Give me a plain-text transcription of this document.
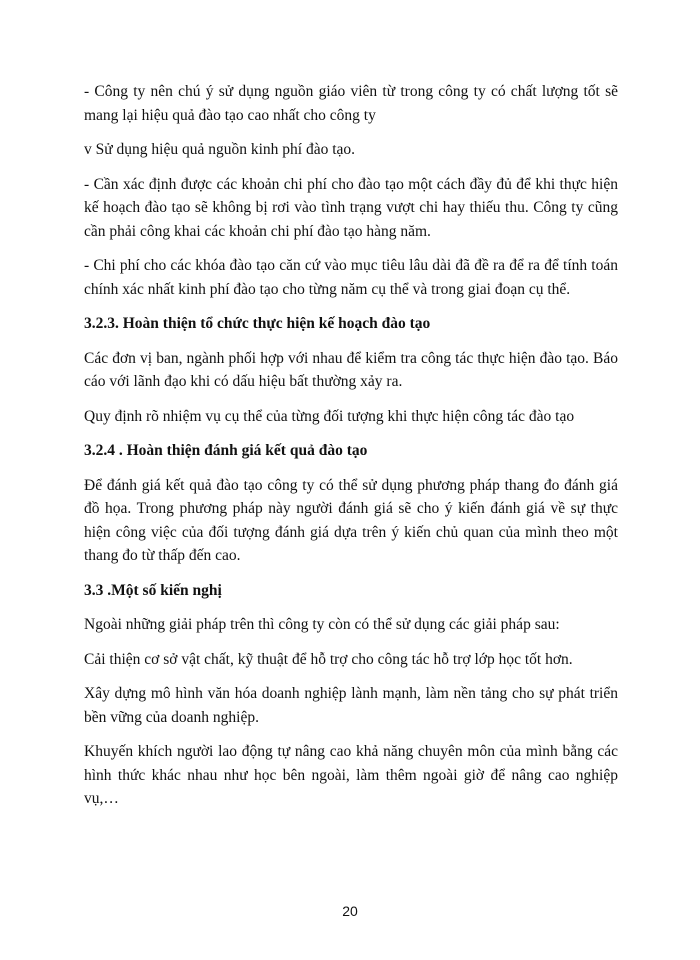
- Công ty nên chú ý sử dụng nguồn giáo viên từ trong công ty có chất lượng tốt sẽ mang lại hiệu quả đào tạo cao nhất cho công ty

v Sử dụng hiệu quả nguồn kinh phí đào tạo.

- Cần xác định được các khoản chi phí cho đào tạo một cách đầy đủ để khi thực hiện kế hoạch đào tạo sẽ không bị rơi vào tình trạng vượt chi hay thiếu thu. Công ty cũng cần phải công khai các khoản chi phí đào tạo hàng năm.

- Chi phí cho các khóa đào tạo căn cứ vào mục tiêu lâu dài đã đề ra để ra để tính toán chính xác nhất kinh phí đào tạo cho từng năm cụ thể và trong giai đoạn cụ thể.

3.2.3. Hoàn thiện tổ chức thực hiện kế hoạch đào tạo

Các đơn vị ban, ngành phối hợp với nhau để kiểm tra công tác thực hiện đào tạo. Báo cáo với lãnh đạo khi có dấu hiệu bất thường xảy ra.

Quy định rõ nhiệm vụ cụ thể của từng đối tượng khi thực hiện công tác đào tạo

3.2.4 . Hoàn thiện đánh giá kết quả đào tạo

Để đánh giá kết quả đào tạo công ty có thể sử dụng phương pháp thang đo đánh giá đồ họa. Trong phương pháp này người đánh giá sẽ cho ý kiến đánh giá về sự thực hiện công việc của đối tượng đánh giá dựa trên ý kiến chủ quan của mình theo một thang đo từ thấp đến cao.

3.3 .Một số kiến nghị

Ngoài những giải pháp trên thì công ty còn có thể sử dụng các giải pháp sau:

Cải thiện cơ sở vật chất, kỹ thuật để hỗ trợ cho công tác hỗ trợ lớp học tốt hơn.

Xây dựng mô hình văn hóa doanh nghiệp lành mạnh, làm nền tảng cho sự phát triển bền vững của doanh nghiệp.

Khuyến khích người lao động tự nâng cao khả năng chuyên môn của mình bằng các hình thức khác nhau như học bên ngoài, làm thêm ngoài giờ để nâng cao nghiệp vụ,…

20
